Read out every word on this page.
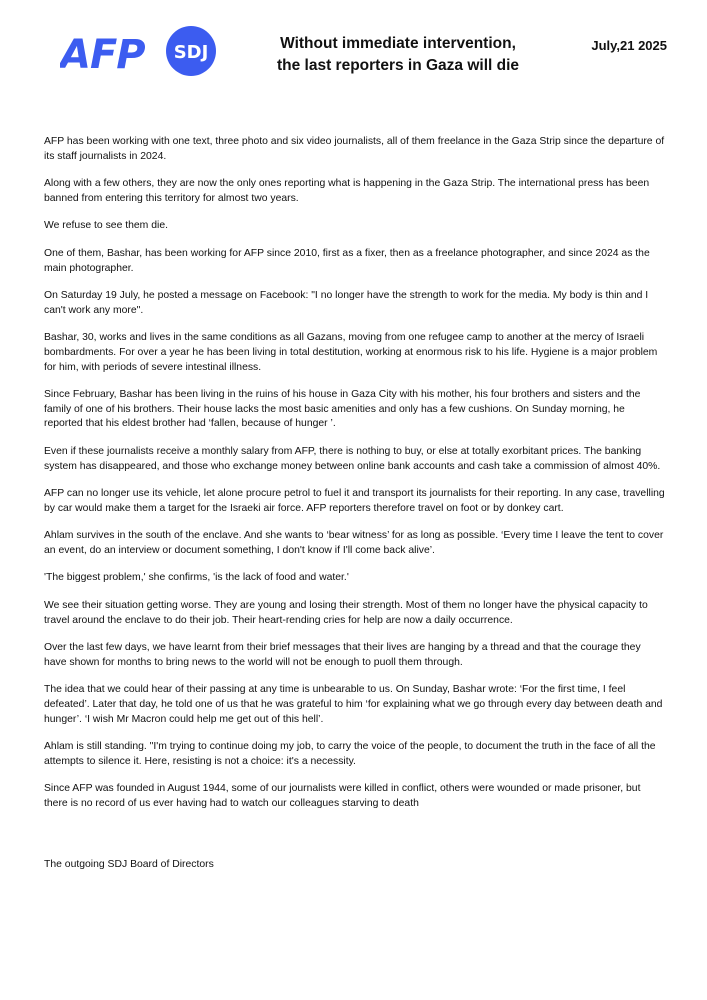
AFP SDJ	Without immediate intervention,
the last reporters in Gaza will die
July,21 2025

AFP has been working with one text, three photo and six video journalists, all of them freelance in the Gaza Strip since the departure of its staff journalists in 2024.

Along with a few others, they are now the only ones reporting what is happening in the Gaza Strip. The international press has been banned from entering this territory for almost two years.

We refuse to see them die.

One of them, Bashar, has been working for AFP since 2010, first as a fixer, then as a freelance photographer, and since 2024 as the main photographer.

On Saturday 19 July, he posted a message on Facebook: "I no longer have the strength to work for the media. My body is thin and I can't work any more".

Bashar, 30, works and lives in the same conditions as all Gazans, moving from one refugee camp to another at the mercy of Israeli bombardments. For over a year he has been living in total destitution, working at enormous risk to his life. Hygiene is a major problem for him, with periods of severe intestinal illness.

Since February, Bashar has been living in the ruins of his house in Gaza City with his mother, his four brothers and sisters and the family of one of his brothers. Their house lacks the most basic amenities and only has a few cushions. On Sunday morning, he reported that his eldest brother had ‘fallen, because of hunger ’.

Even if these journalists receive a monthly salary from AFP, there is nothing to buy, or else at totally exorbitant prices. The banking system has disappeared, and those who exchange money between online bank accounts and cash take a commission of almost 40%.

AFP can no longer use its vehicle, let alone procure petrol to fuel it and transport its journalists for their reporting. In any case, travelling by car would make them a target for the Israeki air force. AFP reporters therefore travel on foot or by donkey cart.

Ahlam survives in the south of the enclave. And she wants to ‘bear witness’ for as long as possible. ‘Every time I leave the tent to cover an event, do an interview or document something, I don't know if I'll come back alive’.

'The biggest problem,' she confirms, 'is the lack of food and water.'

We see their situation getting worse. They are young and losing their strength. Most of them no longer have the physical capacity to travel around the enclave to do their job. Their heart-rending cries for help are now a daily occurrence.

Over the last few days, we have learnt from their brief messages that their lives are hanging by a thread and that the courage they have shown for months to bring news to the world will not be enough to puoll them through.

The idea that we could hear of their passing at any time is unbearable to us. On Sunday, Bashar wrote: ‘For the first time, I feel defeated’. Later that day, he told one of us that he was grateful to him ‘for explaining what we go through every day between death and hunger’. ‘I wish Mr Macron could help me get out of this hell’.

Ahlam is still standing. "I'm trying to continue doing my job, to carry the voice of the people, to document the truth in the face of all the attempts to silence it. Here, resisting is not a choice: it's a necessity.

Since AFP was founded in August 1944, some of our journalists were killed in conflict, others were wounded or made prisoner, but there is no record of us ever having had to watch our colleagues starving to death

The outgoing SDJ Board of Directors
